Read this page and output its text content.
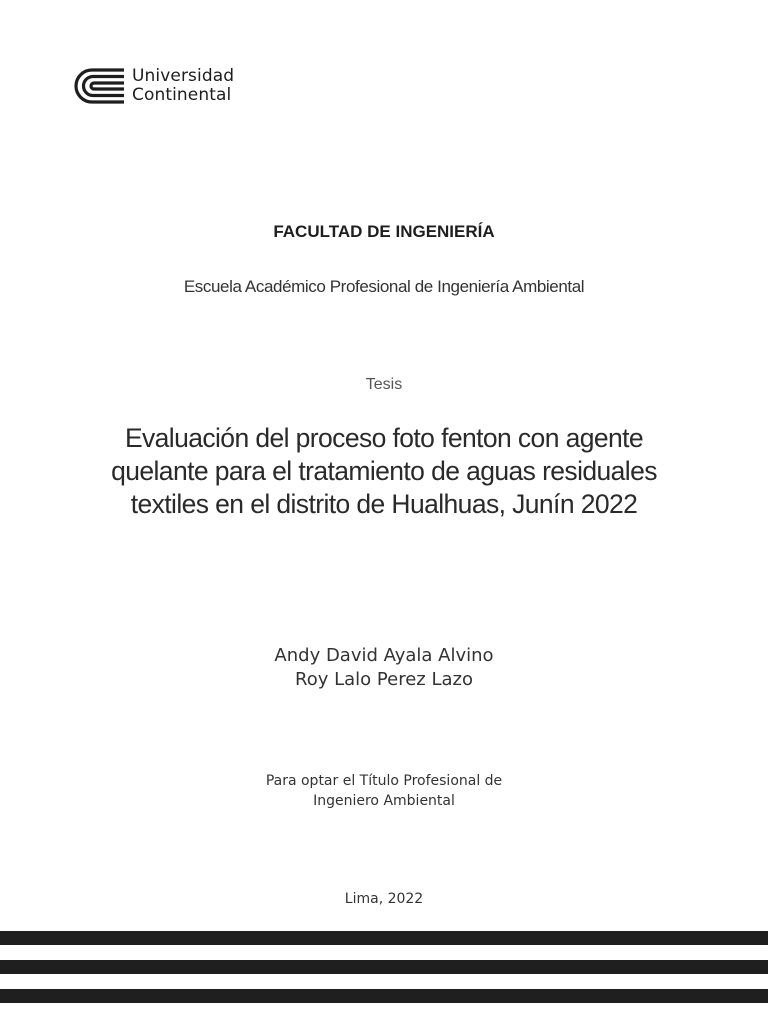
Universidad
Continental
FACULTAD DE INGENIERÍA
Escuela Académico Profesional de Ingeniería Ambiental
Tesis
Evaluación del proceso foto fenton con agente
quelante para el tratamiento de aguas residuales
textiles en el distrito de Hualhuas, Junín 2022
Andy David Ayala Alvino
Roy Lalo Perez Lazo
Para optar el Título Profesional de
Ingeniero Ambiental
Lima, 2022
